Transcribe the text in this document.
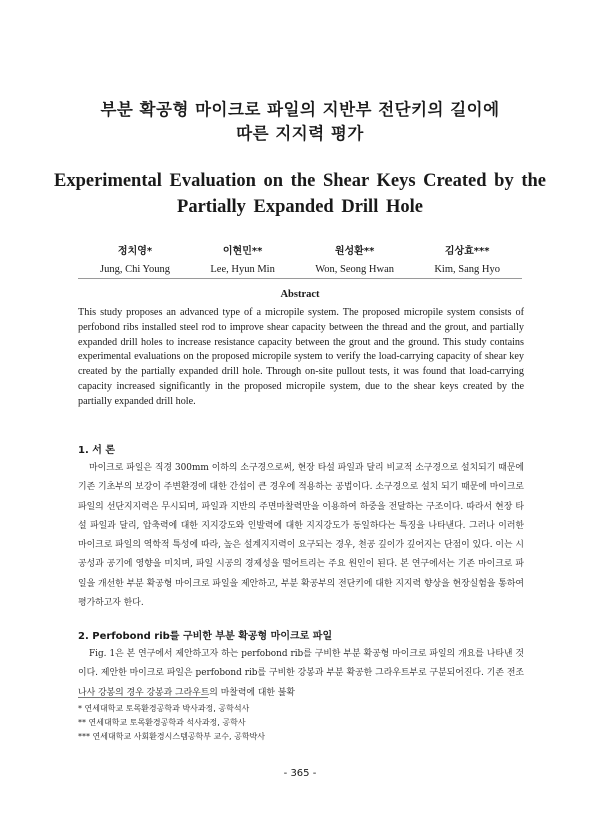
부분 확공형 마이크로 파일의 지반부 전단키의 길이에
따른 지지력 평가
Experimental Evaluation on the Shear Keys Created by the
Partially Expanded Drill Hole
정치영*
Jung, Chi Young
이현민**
Lee, Hyun Min
원성환**
Won, Seong Hwan
김상효***
Kim, Sang Hyo
Abstract
This study proposes an advanced type of a micropile system. The proposed micropile system consists of perfobond ribs installed steel rod to improve shear capacity between the thread and the grout, and partially expanded drill holes to increase resistance capacity between the grout and the ground. This study contains experimental evaluations on the proposed micropile system to verify the load-carrying capacity of shear key created by the partially expanded drill hole. Through on-site pullout tests, it was found that load-carrying capacity increased significantly in the proposed micropile system, due to the shear keys created by the partially expanded drill hole.
1. 서 론
마이크로 파일은 직경 300mm 이하의 소구경으로써, 현장 타설 파일과 달리 비교적 소구경으로 설치되기 때문에 기존 기초부의 보강이 주변환경에 대한 간섭이 큰 경우에 적용하는 공법이다. 소구경으로 설치 되기 때문에 마이크로 파일의 선단지지력은 무시되며, 파일과 지반의 주면마찰력만을 이용하여 하중을 전달하는 구조이다. 따라서 현장 타설 파일과 달리, 압축력에 대한 지지강도와 인발력에 대한 지지강도가 동일하다는 특징을 나타낸다. 그러나 이러한 마이크로 파일의 역학적 특성에 따라, 높은 설계지지력이 요구되는 경우, 천공 깊이가 깊어지는 단점이 있다. 이는 시공성과 공기에 영향을 미치며, 파일 시공의 경제성을 떨어트리는 주요 원인이 된다. 본 연구에서는 기존 마이크로 파일을 개선한 부분 확공형 마이크로 파일을 제안하고, 부분 확공부의 전단키에 대한 지지력 향상을 현장실험을 통하여 평가하고자 한다.
2. Perfobond rib를 구비한 부분 확공형 마이크로 파일
Fig. 1은 본 연구에서 제안하고자 하는 perfobond rib를 구비한 부분 확공형 마이크로 파일의 개요를 나타낸 것이다. 제안한 마이크로 파일은 perfobond rib를 구비한 강봉과 부분 확공한 그라우트부로 구분되어진다. 기존 전조나사 강봉의 경우 강봉과 그라우트의 마찰력에 대한 불확
* 연세대학교 토목환경공학과 박사과정, 공학석사
** 연세대학교 토목환경공학과 석사과정, 공학사
*** 연세대학교 사회환경시스템공학부 교수, 공학박사
- 365 -
